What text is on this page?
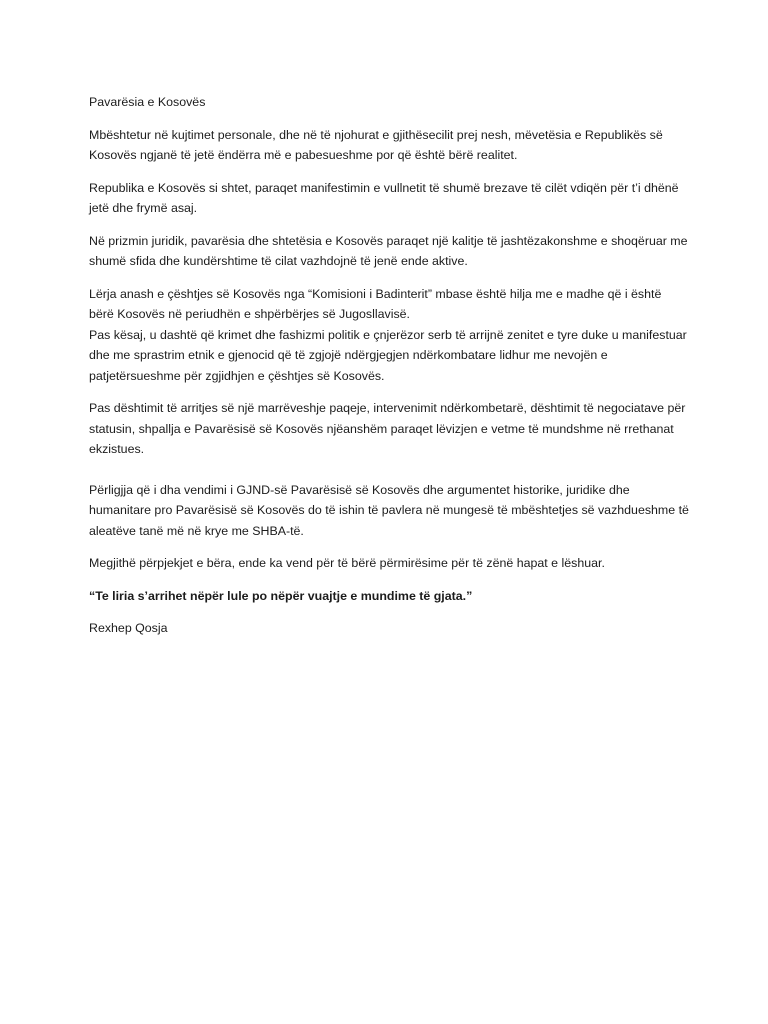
Pavarësia e Kosovës

Mbështetur në kujtimet personale, dhe në të njohurat e gjithësecilit prej nesh, mëvetësia e Republikës së Kosovës ngjanë të jetë ëndërra më e pabesueshme por që është bërë realitet.

Republika e Kosovës si shtet, paraqet manifestimin e vullnetit të shumë brezave të cilët vdiqën për t’i dhënë jetë dhe frymë asaj.

Në prizmin juridik, pavarësia dhe shtetësia e Kosovës paraqet një kalitje të jashtëzakonshme e shoqëruar me shumë sfida dhe kundërshtime të cilat vazhdojnë të jenë ende aktive.

Lërja anash e çështjes së Kosovës nga “Komisioni i Badinterit” mbase është hilja me e madhe që i është bërë Kosovës në periudhën e shpërbërjes së Jugosllavisë.

Pas kësaj, u dashtë që krimet dhe fashizmi politik e çnjerëzor serb të arrijnë zenitet e tyre duke u manifestuar dhe me sprastrim etnik e gjenocid që të zgjojë ndërgjegjen ndërkombatare lidhur me nevojën e patjetërsueshme për zgjidhjen e çështjes së Kosovës.

Pas dështimit të arritjes së një marrëveshje paqeje, intervenimit ndërkombetarë, dështimit të negociatave për statusin, shpallja e Pavarësisë së Kosovës njëanshëm paraqet lëvizjen e vetme të mundshme në rrethanat ekzistues.

Përligjja që i dha vendimi i GJND-së Pavarësisë së Kosovës dhe argumentet historike, juridike dhe humanitare pro Pavarësisë së Kosovës do të ishin të pavlera në mungesë të mbështetjes së vazhdueshme të aleatëve tanë më në krye me SHBA-të.

Megjithë përpjekjet e bëra, ende ka vend për të bërë përmirësime për të zënë hapat e lëshuar.

“Te liria s’arrihet nëpër lule po nëpër vuajtje e mundime të gjata.”

Rexhep Qosja
